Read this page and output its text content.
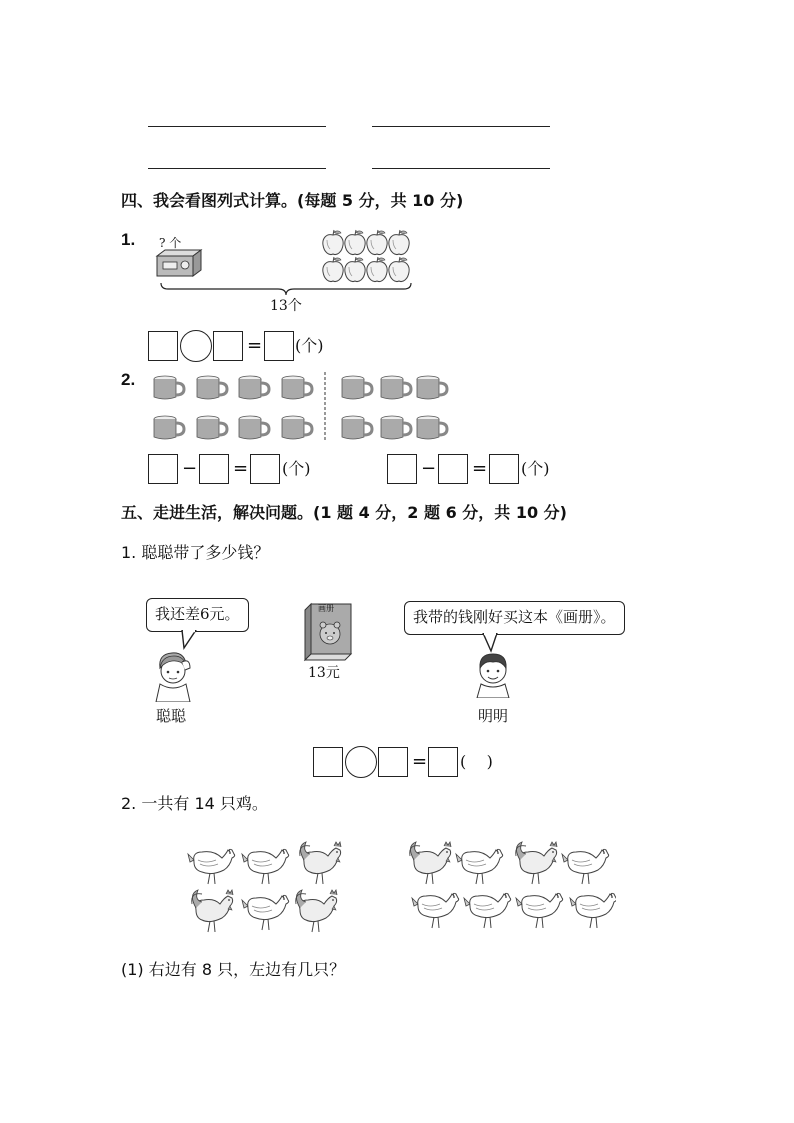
四、我会看图列式计算。(每题 5 分，共 10 分)
1. ? 个
13个
= (个)
2.
− = (个)	− = (个)
五、走进生活，解决问题。(1 题 4 分，2 题 6 分，共 10 分)
1. 聪聪带了多少钱？
我还差6元。	我带的钱刚好买这本《画册》。
画册
13元
聪聪	明明
= (    )
2. 一共有 14 只鸡。
(1) 右边有 8 只，左边有几只？
